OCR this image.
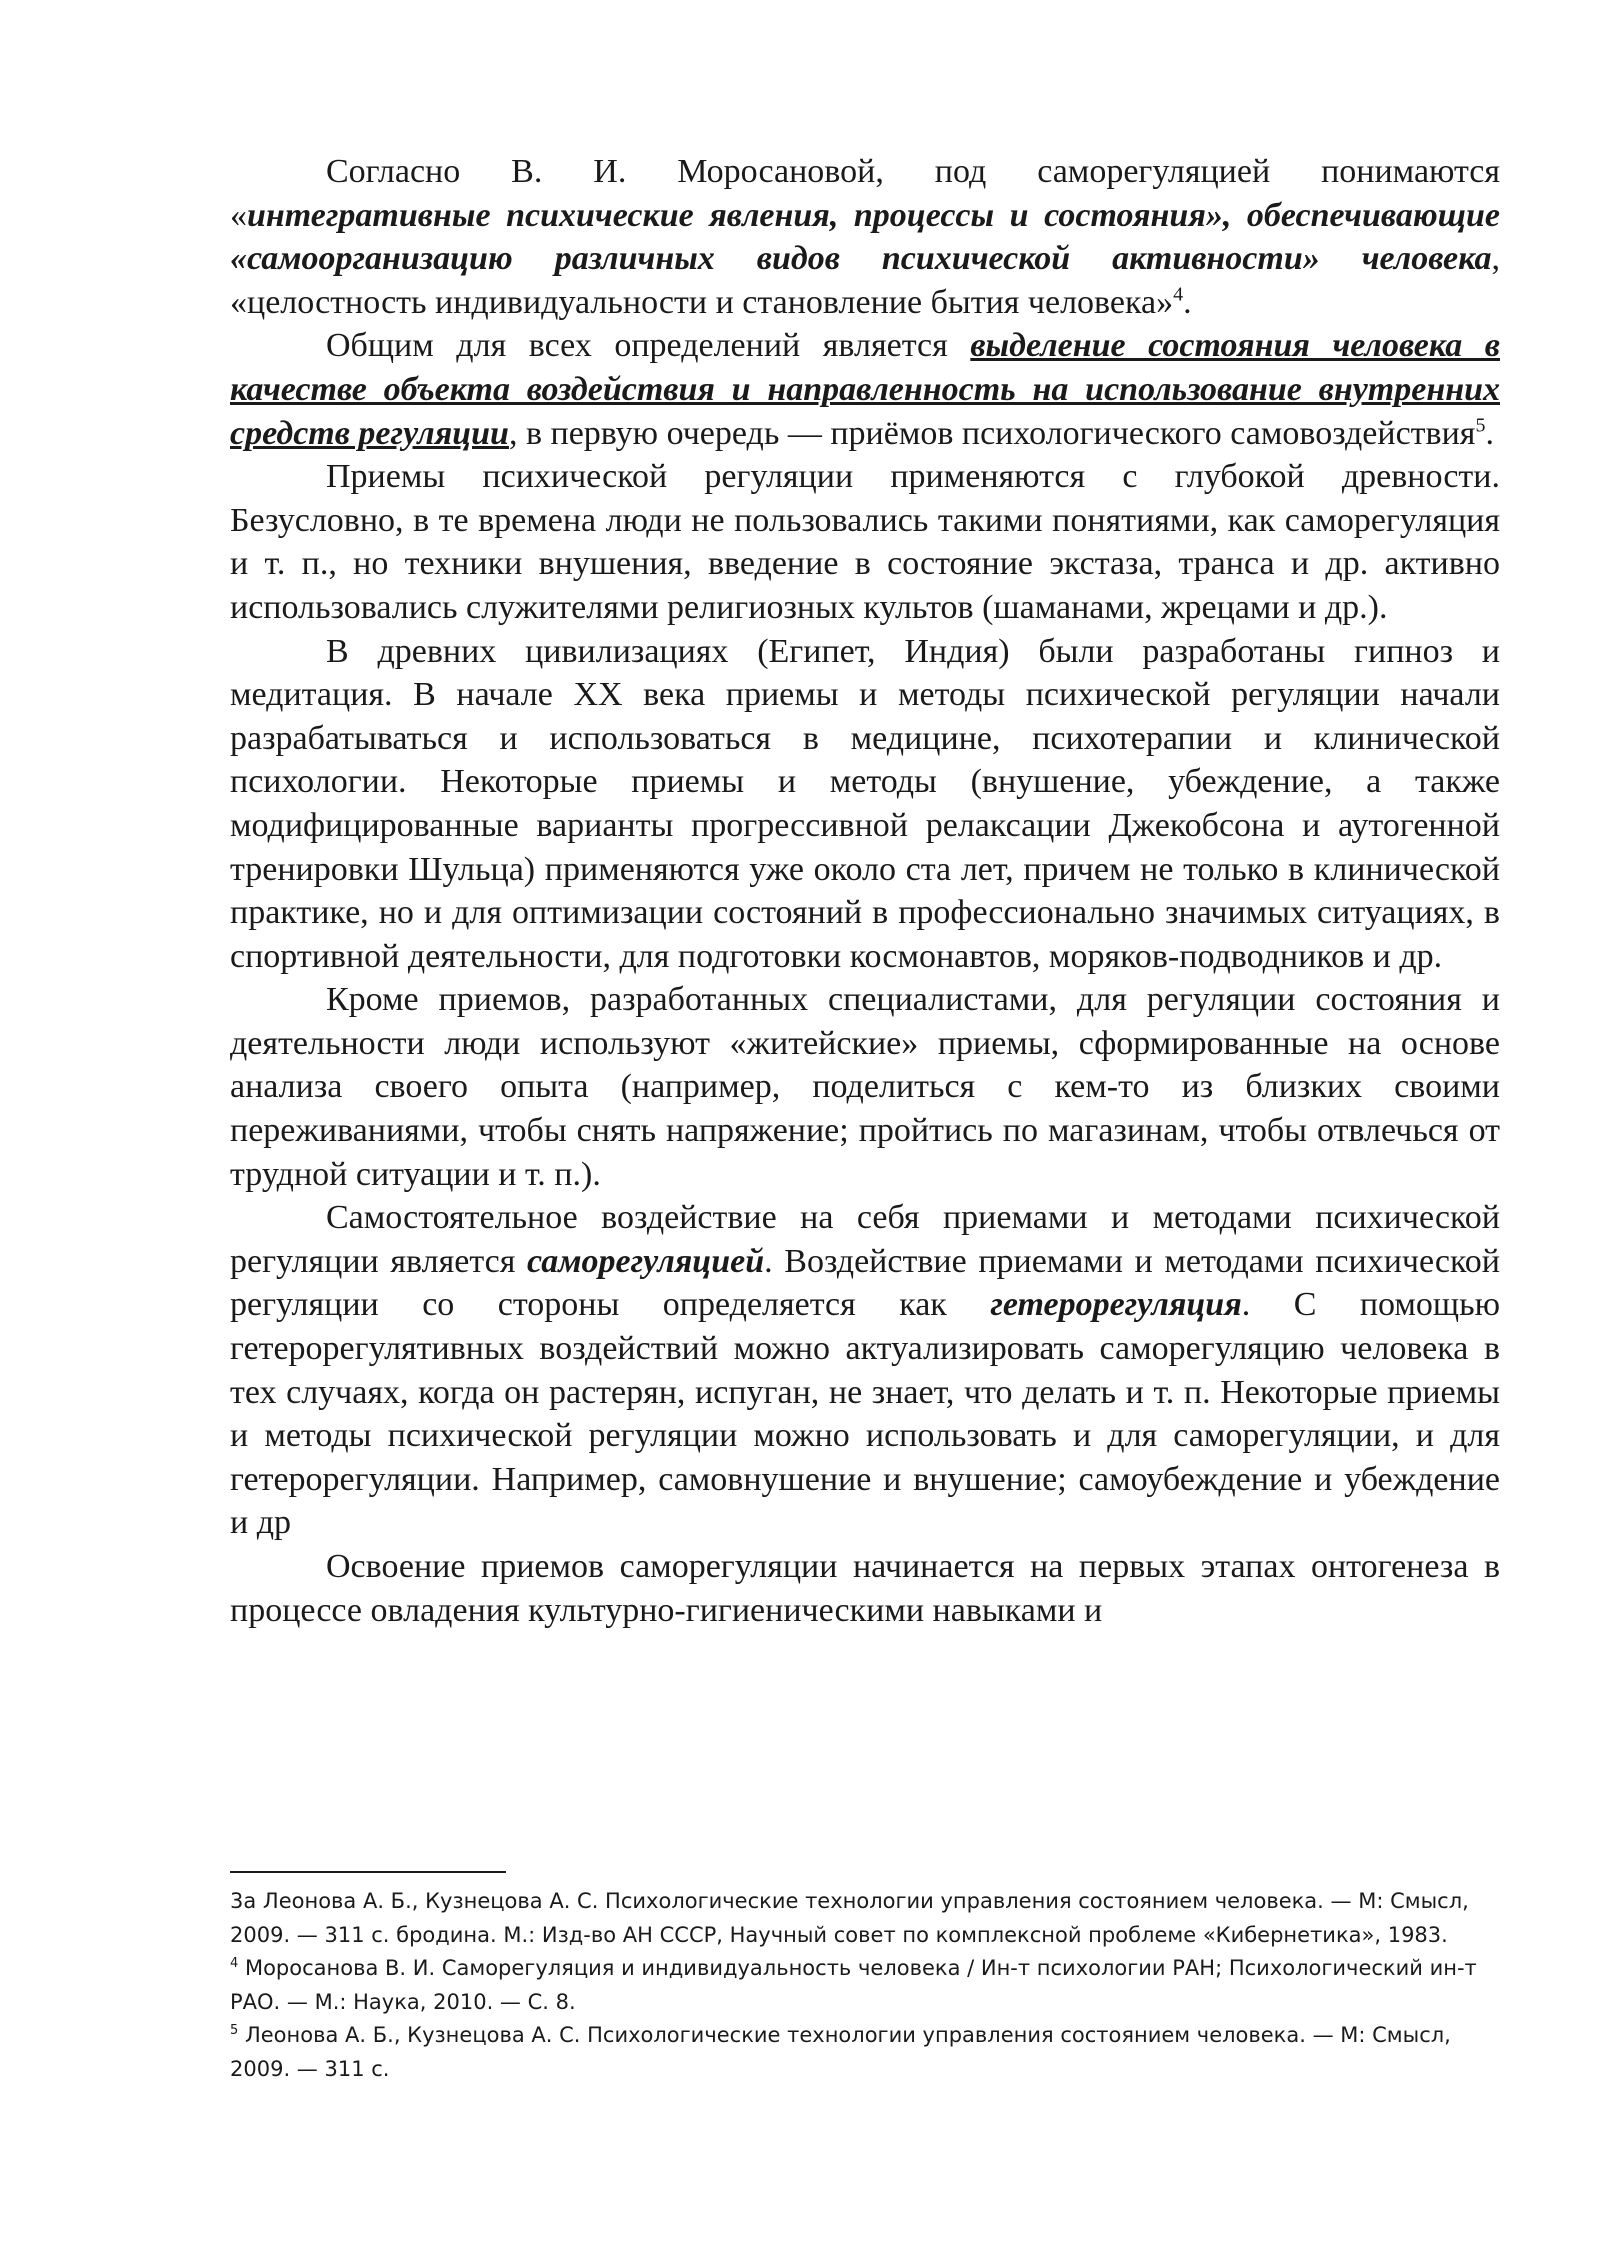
Согласно В. И. Моросановой, под саморегуляцией понимаются «интегративные психические явления, процессы и состояния», обеспечивающие «самоорганизацию различных видов психической активности» человека, «целостность индивидуальности и становление бытия человека»$^4$.

Общим для всех определений является выделение состояния человека в качестве объекта воздействия и направленность на использование внутренних средств регуляции, в первую очередь — приёмов психологического самовоздействия$^5$.

Приемы психической регуляции применяются с глубокой древности. Безусловно, в те времена люди не пользовались такими понятиями, как саморегуляция и т. п., но техники внушения, введение в состояние экстаза, транса и др. активно использовались служителями религиозных культов (шаманами, жрецами и др.).

В древних цивилизациях (Египет, Индия) были разработаны гипноз и медитация. В начале XX века приемы и методы психической регуляции начали разрабатываться и использоваться в медицине, психотерапии и клинической психологии. Некоторые приемы и методы (внушение, убеждение, а также модифицированные варианты прогрессивной релаксации Джекобсона и аутогенной тренировки Шульца) применяются уже около ста лет, причем не только в клинической практике, но и для оптимизации состояний в профессионально значимых ситуациях, в спортивной деятельности, для подготовки космонавтов, моряков-подводников и др.

Кроме приемов, разработанных специалистами, для регуляции состояния и деятельности люди используют «житейские» приемы, сформированные на основе анализа своего опыта (например, поделиться с кем-то из близких своими переживаниями, чтобы снять напряжение; пройтись по магазинам, чтобы отвлечься от трудной ситуации и т. п.).

Самостоятельное воздействие на себя приемами и методами психической регуляции является саморегуляцией. Воздействие приемами и методами психической регуляции со стороны определяется как гетерорегуляция. С помощью гетерорегулятивных воздействий можно актуализировать саморегуляцию человека в тех случаях, когда он растерян, испуган, не знает, что делать и т. п. Некоторые приемы и методы психической регуляции можно использовать и для саморегуляции, и для гетерорегуляции. Например, самовнушение и внушение; самоубеждение и убеждение и др

Освоение приемов саморегуляции начинается на первых этапах онтогенеза в процессе овладения культурно-гигиеническими навыками и

3а Леонова А. Б., Кузнецова А. С. Психологические технологии управления состоянием человека. — М: Смысл, 2009. — 311 с. бродина. М.: Изд-во АН СССР, Научный совет по комплексной проблеме «Кибернетика», 1983.

$^4$ Моросанова В. И. Саморегуляция и индивидуальность человека / Ин-т психологии РАН; Психологический ин-т РАО. — М.: Наука, 2010. — С. 8.

$^5$ Леонова А. Б., Кузнецова А. С. Психологические технологии управления состоянием человека. — М: Смысл, 2009. — 311 с.
